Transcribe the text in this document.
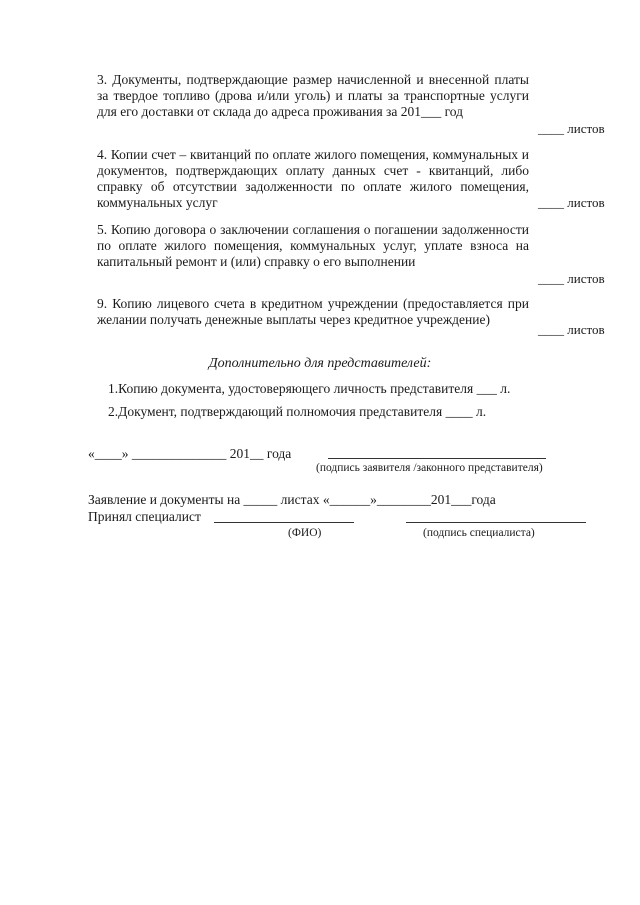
3. Документы, подтверждающие размер начисленной и внесенной платы за твердое топливо (дрова и/или уголь) и платы за транспортные услуги для его доставки от склада до адреса проживания за 201___ год

____ листов

4. Копии счет – квитанций по оплате жилого помещения, коммунальных и документов, подтверждающих оплату данных счет - квитанций, либо справку об отсутствии задолженности по оплате жилого помещения, коммунальных услуг	____ листов

5. Копию договора о заключении соглашения о погашении задолженности по оплате жилого помещения, коммунальных услуг, уплате взноса на капитальный ремонт и (или) справку о его выполнении

____ листов

9. Копию лицевого счета в кредитном учреждении (предоставляется при желании получать денежные выплаты через кредитное учреждение)

____ листов
Дополнительно для представителей:
1.Копию документа, удостоверяющего личность представителя ___ л.
2.Документ, подтверждающий полномочия представителя ____ л.
«____» ______________ 201__ года
(подпись заявителя /законного представителя)
Заявление и документы на _____ листах «______»________201___года
Принял специалист
(ФИО)	(подпись специалиста)
